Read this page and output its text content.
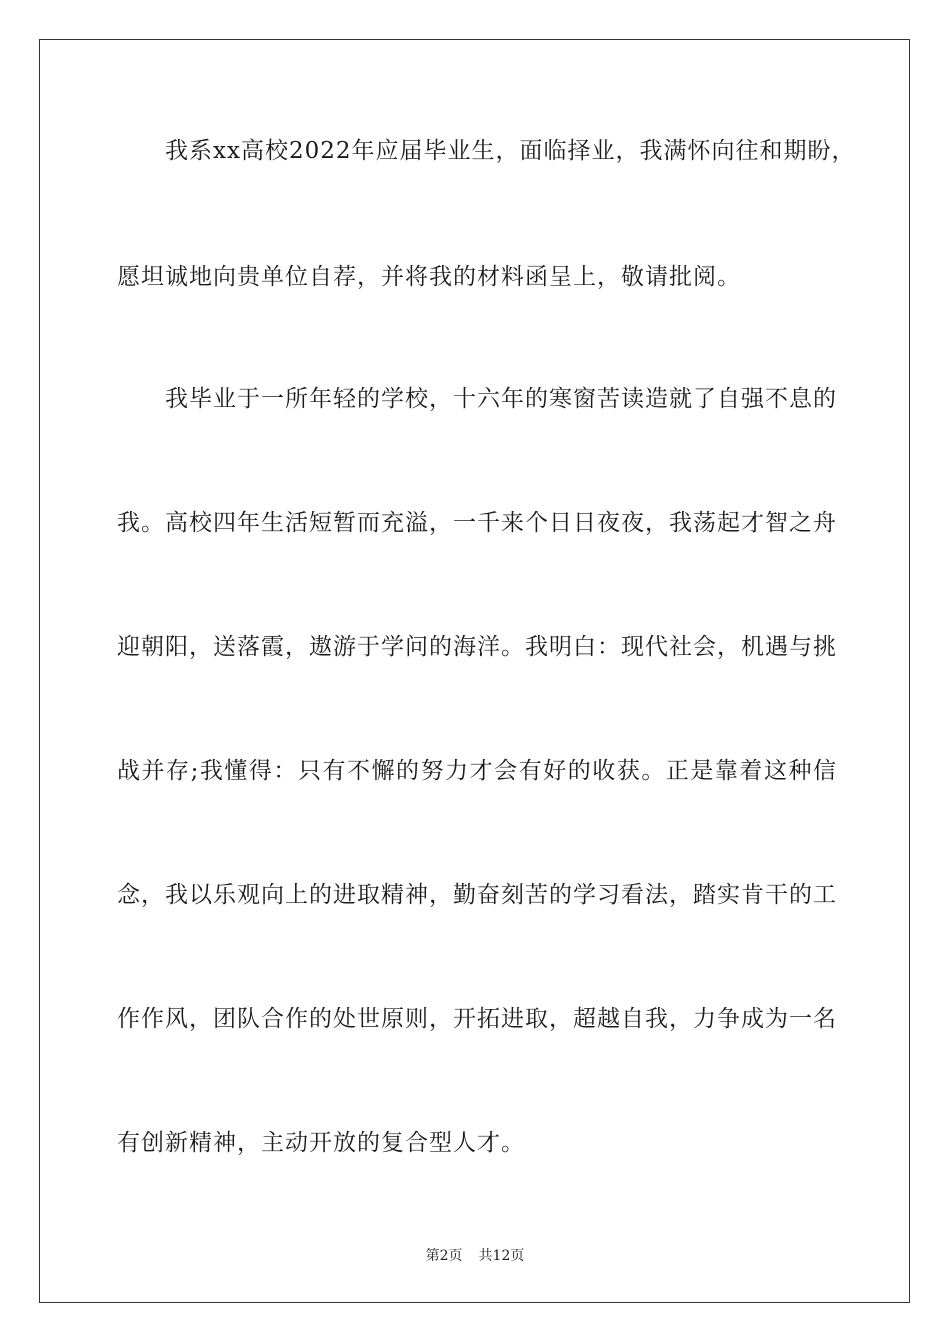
我系xx高校2022年应届毕业生，面临择业，我满怀向往和期盼，
愿坦诚地向贵单位自荐，并将我的材料函呈上，敬请批阅。
我毕业于一所年轻的学校，十六年的寒窗苦读造就了自强不息的
我。高校四年生活短暂而充溢，一千来个日日夜夜，我荡起才智之舟
迎朝阳，送落霞，遨游于学问的海洋。我明白：现代社会，机遇与挑
战并存;我懂得：只有不懈的努力才会有好的收获。正是靠着这种信
念，我以乐观向上的进取精神，勤奋刻苦的学习看法，踏实肯干的工
作作风，团队合作的处世原则，开拓进取，超越自我，力争成为一名
有创新精神，主动开放的复合型人才。
第2页 共12页
